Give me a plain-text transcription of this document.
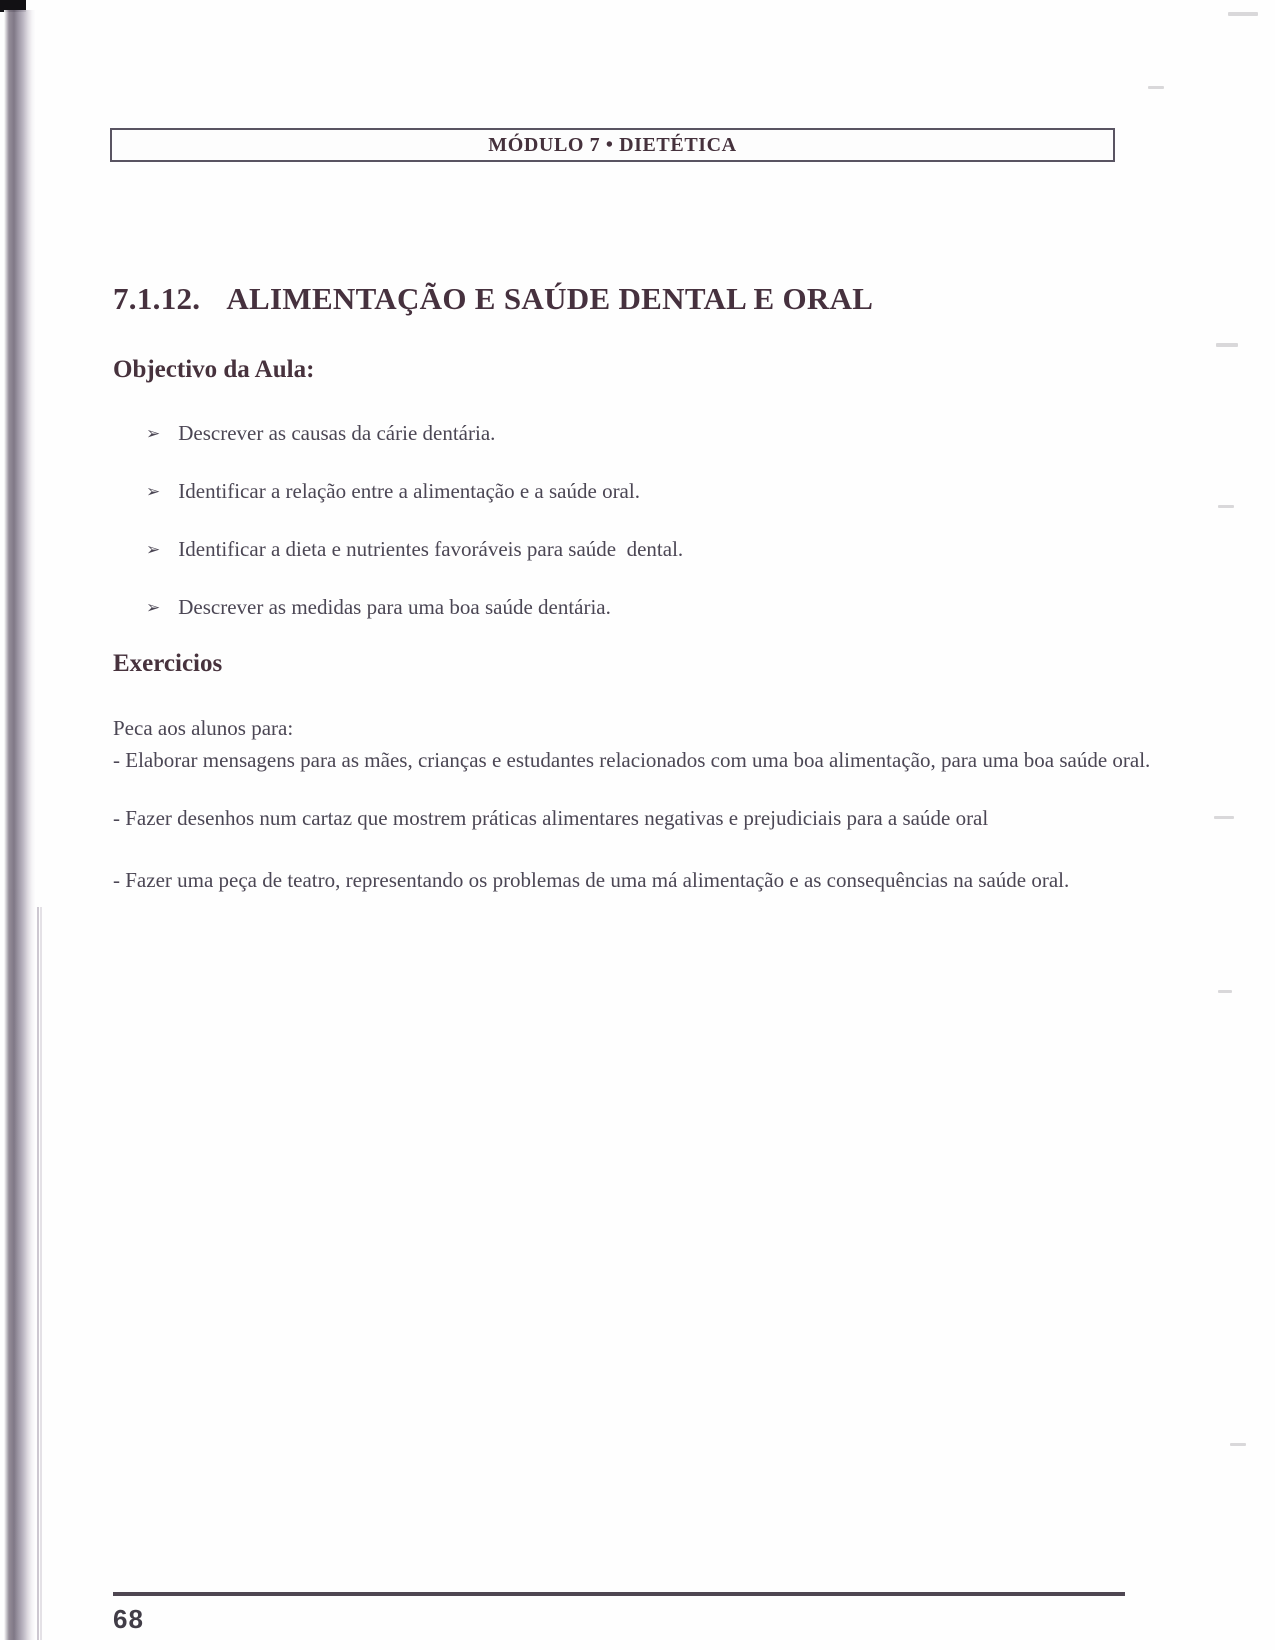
MÓDULO 7 • DIETÉTICA
7.1.12. ALIMENTAÇÃO E SAÚDE DENTAL E ORAL
Objectivo da Aula:
➢ Descrever as causas da cárie dentária.
➢ Identificar a relação entre a alimentação e a saúde oral.
➢ Identificar a dieta e nutrientes favoráveis para saúde  dental.
➢ Descrever as medidas para uma boa saúde dentária.
Exercicios

Peca aos alunos para:

- Elaborar mensagens para as mães, crianças e estudantes relacionados com uma boa alimentação, para uma boa saúde oral.

- Fazer desenhos num cartaz que mostrem práticas alimentares negativas e prejudiciais para a saúde oral

- Fazer uma peça de teatro, representando os problemas de uma má alimentação e as consequências na saúde oral.

68
